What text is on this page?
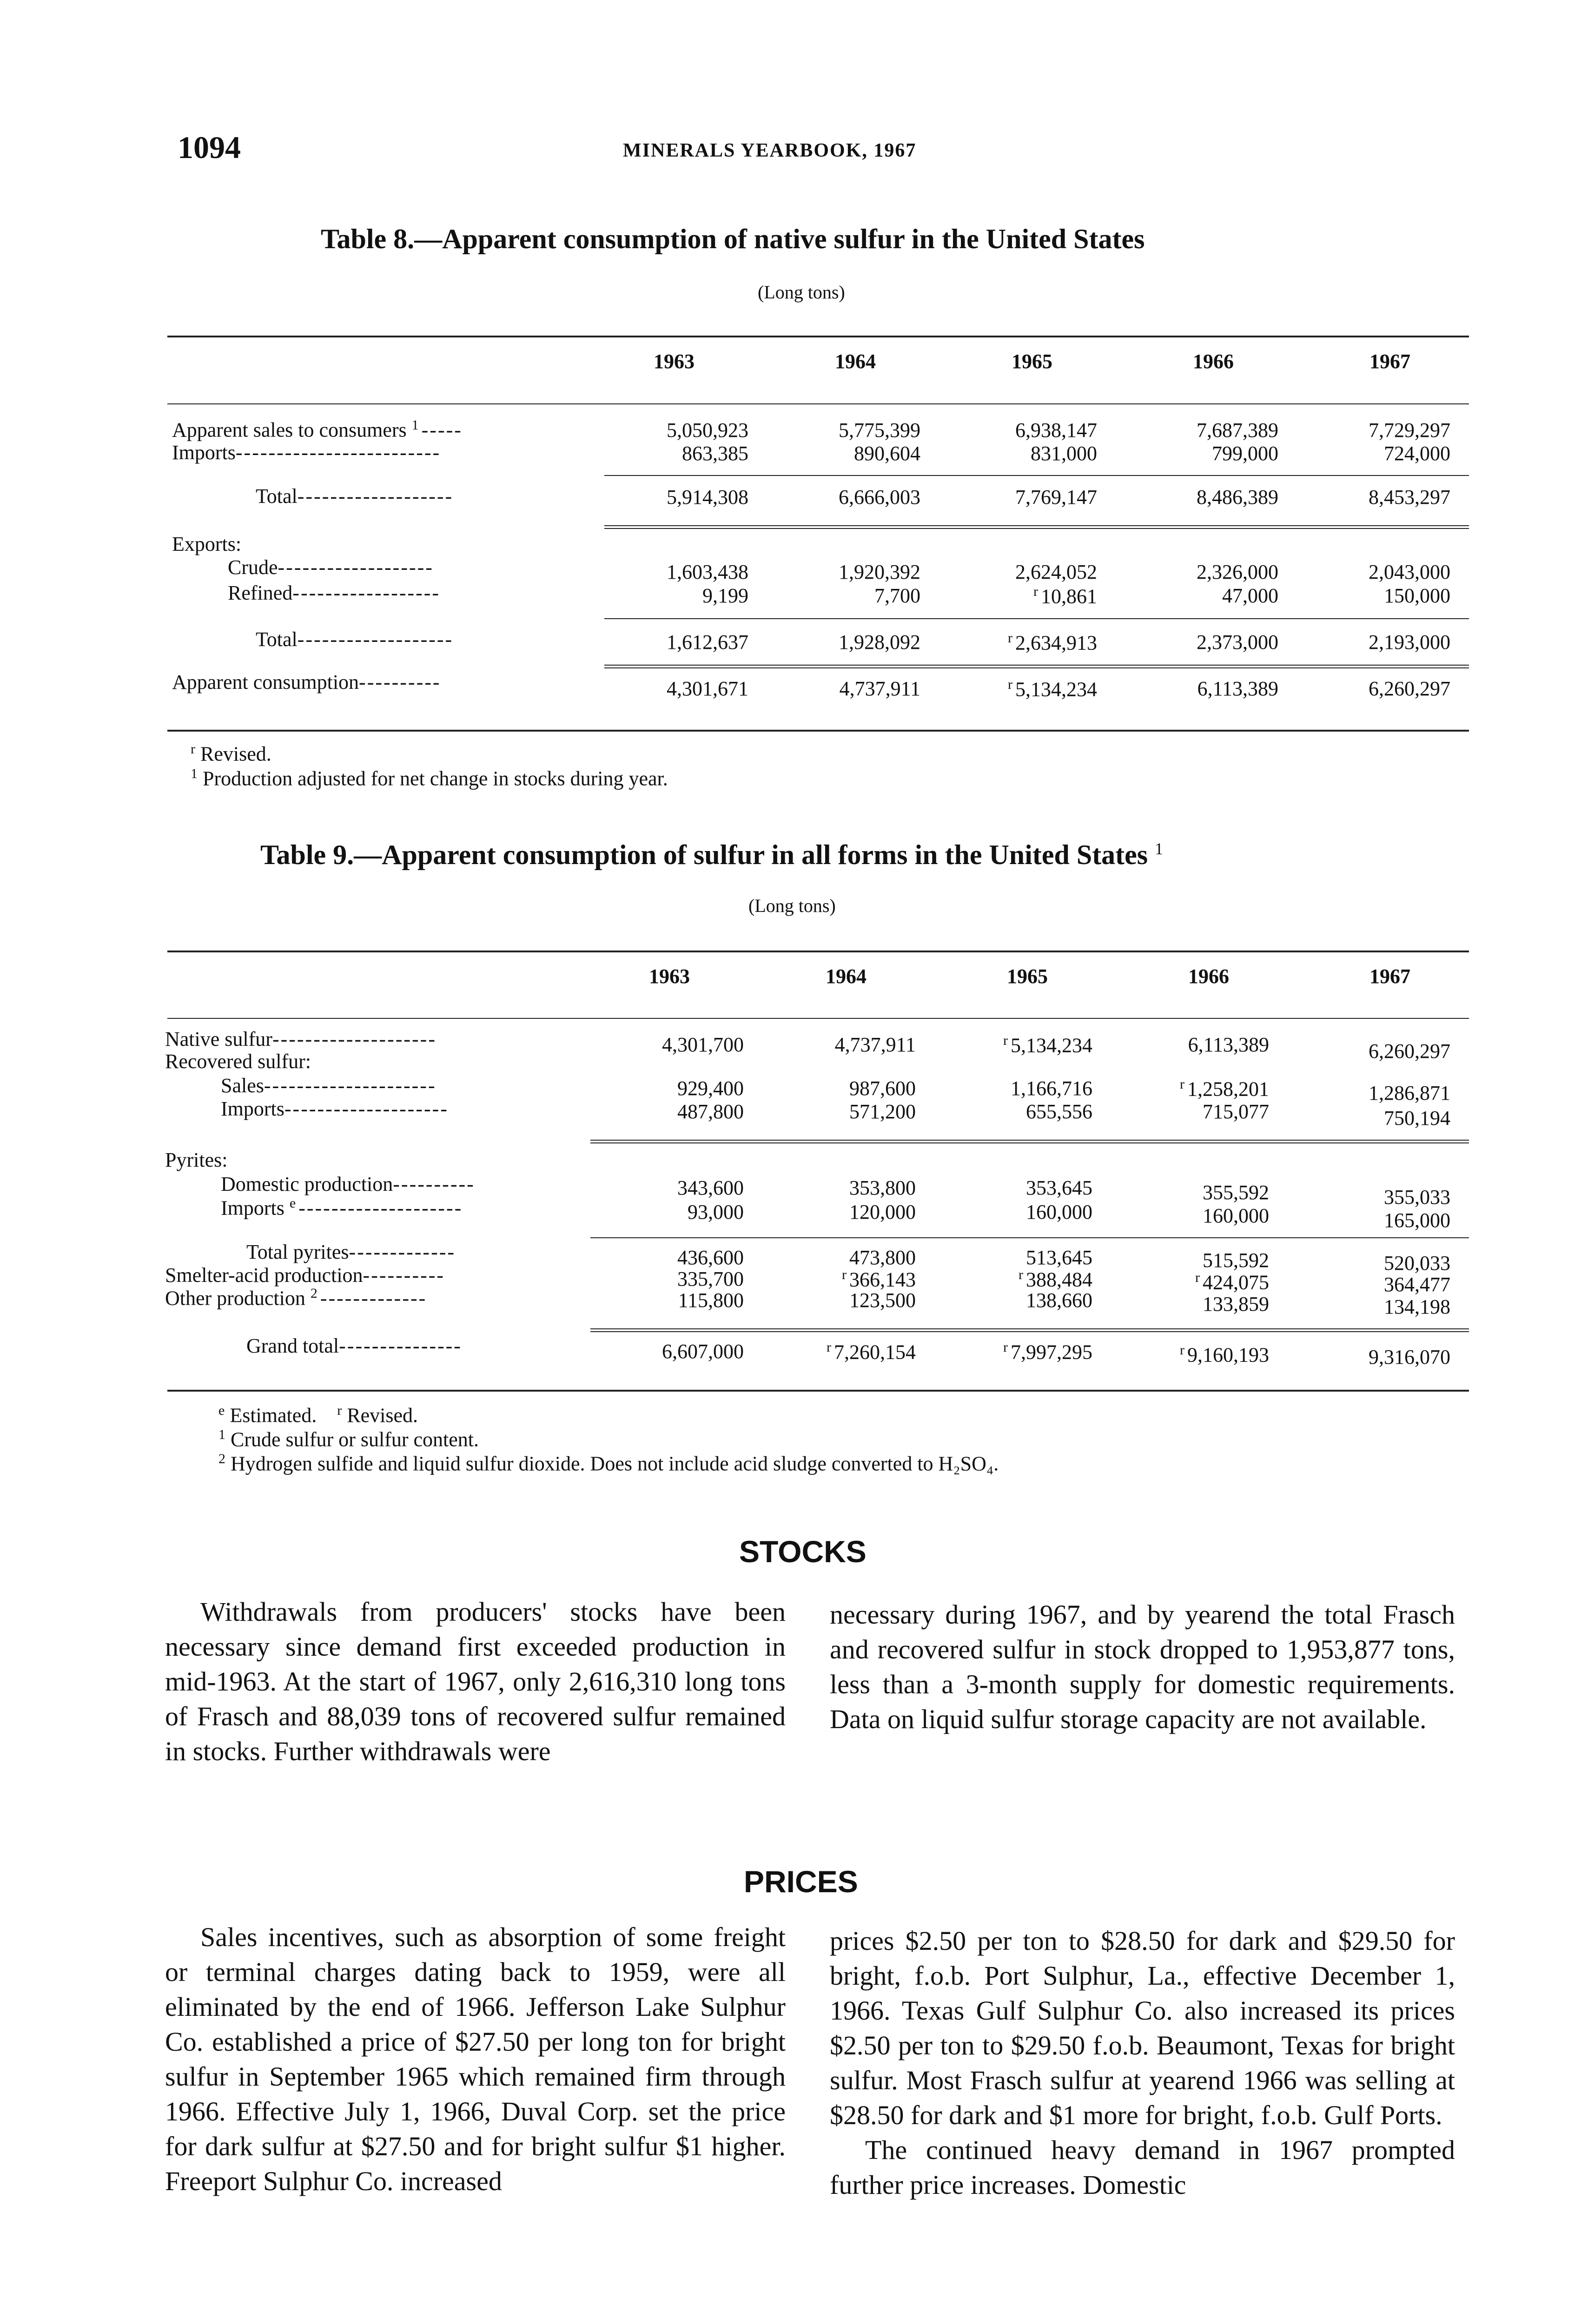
1094	MINERALS YEARBOOK, 1967
Table 8.—Apparent consumption of native sulfur in the United States
(Long tons)
1963	1964	1965	1966	1967
Apparent sales to consumers $^1$ -----	5,050,923	5,775,399	6,938,147	7,687,389	7,729,297
Imports-------------------------	863,385	890,604	831,000	799,000	724,000
Total-------------------	5,914,308	6,666,003	7,769,147	8,486,389	8,453,297
Exports:
Crude-------------------	1,603,438	1,920,392	2,624,052	2,326,000	2,043,000
Refined------------------	9,199	7,700	$^r$ 10,861	47,000	150,000
Total-------------------	1,612,637	1,928,092	$^r$ 2,634,913	2,373,000	2,193,000
Apparent consumption----------	4,301,671	4,737,911	$^r$ 5,134,234	6,113,389	6,260,297
$^r$ Revised.
$^1$ Production adjusted for net change in stocks during year.
Table 9.—Apparent consumption of sulfur in all forms in the United States $^1$
(Long tons)
1963	1964	1965	1966	1967
Native sulfur--------------------	4,301,700	4,737,911	$^r$ 5,134,234	6,113,389	6,260,297
Recovered sulfur:
Sales---------------------	929,400	987,600	1,166,716	$^r$ 1,258,201	1,286,871
Imports--------------------	487,800	571,200	655,556	715,077	750,194
Pyrites:
Domestic production----------	343,600	353,800	353,645	355,592	355,033
Imports $^e$ --------------------	93,000	120,000	160,000	160,000	165,000
Total pyrites-------------	436,600	473,800	513,645	515,592	520,033
Smelter-acid production----------	335,700	$^r$ 366,143	$^r$ 388,484	$^r$ 424,075	364,477
Other production $^2$ -------------	115,800	123,500	138,660	133,859	134,198
Grand total---------------	6,607,000	$^r$ 7,260,154	$^r$ 7,997,295	$^r$ 9,160,193	9,316,070
$^e$ Estimated. $^r$ Revised.
$^1$ Crude sulfur or sulfur content.
$^2$ Hydrogen sulfide and liquid sulfur dioxide. Does not include acid sludge converted to H₂SO₄.
STOCKS

Withdrawals from producers' stocks have been necessary since demand first exceeded production in mid-1963. At the start of 1967, only 2,616,310 long tons of Frasch and 88,039 tons of recovered sulfur remained in stocks. Further withdrawals were

necessary during 1967, and by yearend the total Frasch and recovered sulfur in stock dropped to 1,953,877 tons, less than a 3-month supply for domestic requirements. Data on liquid sulfur storage capacity are not available.

PRICES

Sales incentives, such as absorption of some freight or terminal charges dating back to 1959, were all eliminated by the end of 1966. Jefferson Lake Sulphur Co. established a price of $27.50 per long ton for bright sulfur in September 1965 which remained firm through 1966. Effective July 1, 1966, Duval Corp. set the price for dark sulfur at $27.50 and for bright sulfur $1 higher. Freeport Sulphur Co. increased

prices $2.50 per ton to $28.50 for dark and $29.50 for bright, f.o.b. Port Sulphur, La., effective December 1, 1966. Texas Gulf Sulphur Co. also increased its prices $2.50 per ton to $29.50 f.o.b. Beaumont, Texas for bright sulfur. Most Frasch sulfur at yearend 1966 was selling at $28.50 for dark and $1 more for bright, f.o.b. Gulf Ports.

The continued heavy demand in 1967 prompted further price increases. Domestic
